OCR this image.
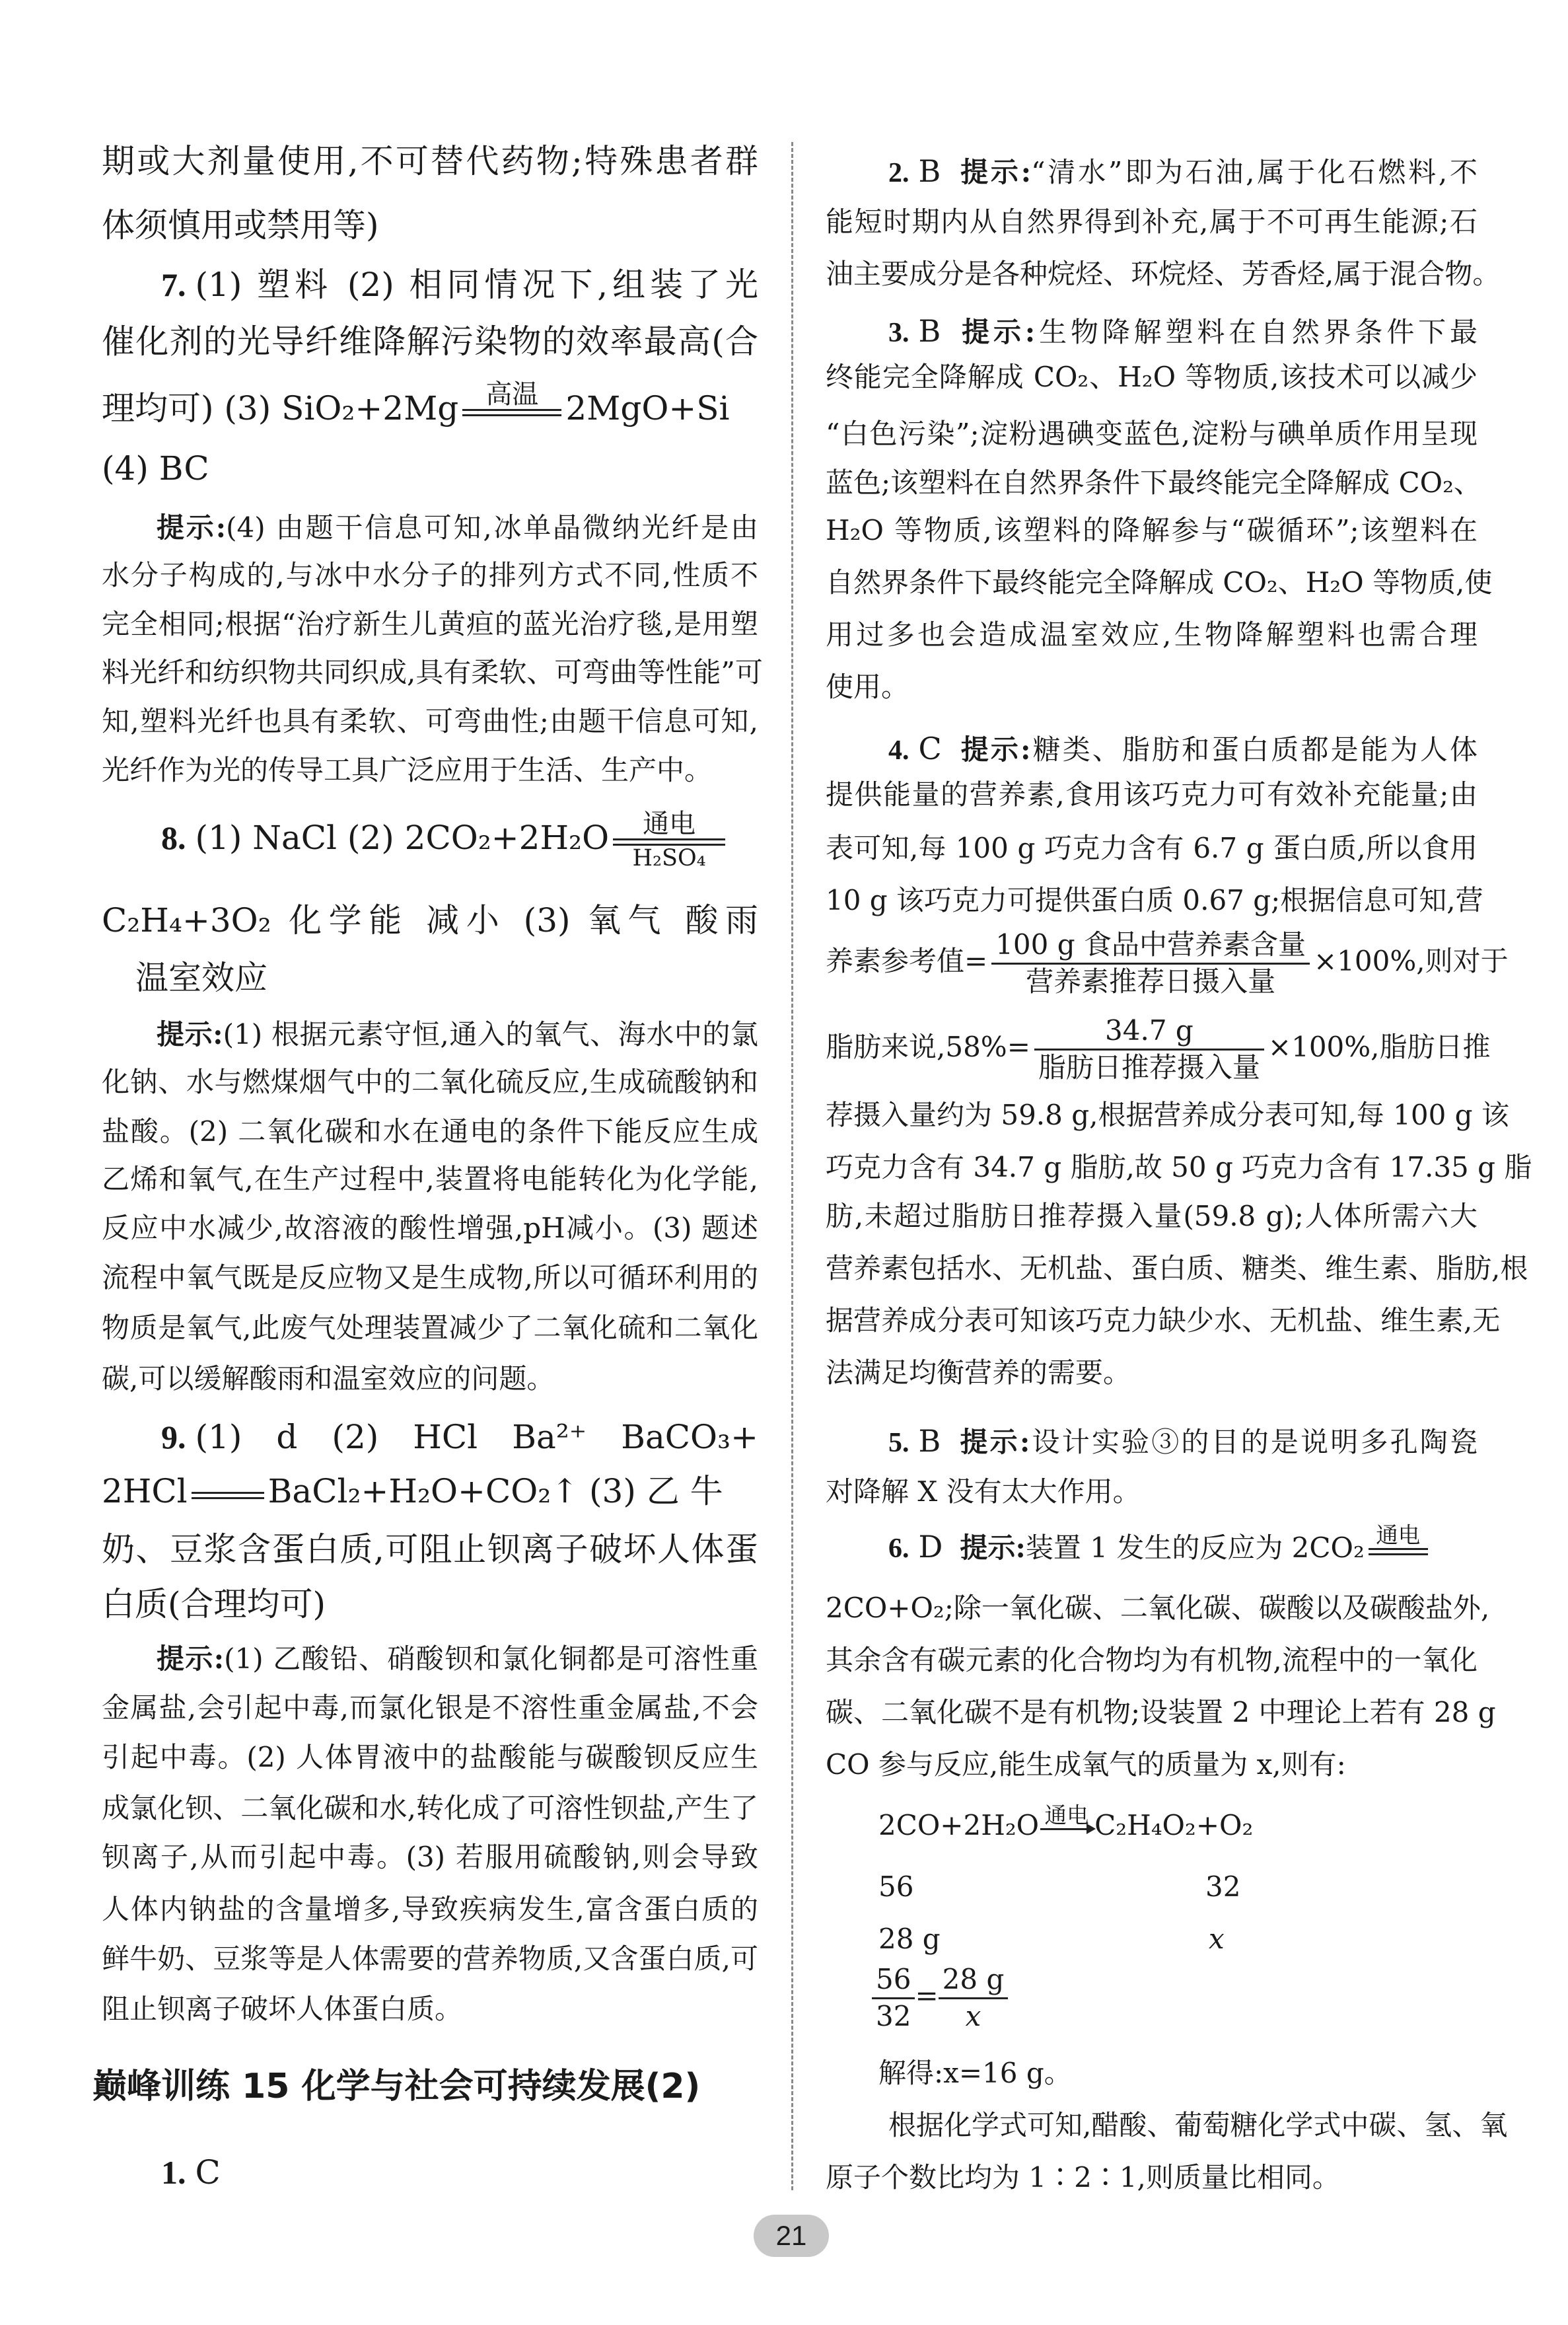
期或大剂量使用,不可替代药物;特殊患者群
体须慎用或禁用等)
7. (1) 塑料 (2) 相同情况下,组装了光
催化剂的光导纤维降解污染物的效率最高(合
理均可) (3) SiO₂+2Mg	高温
2MgO+Si
(4) BC
提示:(4) 由题干信息可知,冰单晶微纳光纤是由
水分子构成的,与冰中水分子的排列方式不同,性质不
完全相同;根据“治疗新生儿黄疸的蓝光治疗毯,是用塑
料光纤和纺织物共同织成,具有柔软、可弯曲等性能”可
知,塑料光纤也具有柔软、可弯曲性;由题干信息可知,
光纤作为光的传导工具广泛应用于生活、生产中。
8. (1) NaCl (2) 2CO₂+2H₂O	通电
H₂SO₄
C₂H₄+3O₂ 化学能 减小 (3) 氧气 酸雨
温室效应
提示:(1) 根据元素守恒,通入的氧气、海水中的氯
化钠、水与燃煤烟气中的二氧化硫反应,生成硫酸钠和
盐酸。(2) 二氧化碳和水在通电的条件下能反应生成
乙烯和氧气,在生产过程中,装置将电能转化为化学能,
反应中水减少,故溶液的酸性增强,pH减小。(3) 题述
流程中氧气既是反应物又是生成物,所以可循环利用的
物质是氧气,此废气处理装置减少了二氧化硫和二氧化
碳,可以缓解酸雨和温室效应的问题。
9. (1) d (2) HCl Ba²⁺ BaCO₃+
2HCl

BaCl₂+H₂O+CO₂↑ (3) 乙 牛
奶、豆浆含蛋白质,可阻止钡离子破坏人体蛋
白质(合理均可)
提示:(1) 乙酸铅、硝酸钡和氯化铜都是可溶性重
金属盐,会引起中毒,而氯化银是不溶性重金属盐,不会
引起中毒。(2) 人体胃液中的盐酸能与碳酸钡反应生
成氯化钡、二氧化碳和水,转化成了可溶性钡盐,产生了
钡离子,从而引起中毒。(3) 若服用硫酸钠,则会导致
人体内钠盐的含量增多,导致疾病发生,富含蛋白质的
鲜牛奶、豆浆等是人体需要的营养物质,又含蛋白质,可
阻止钡离子破坏人体蛋白质。
巅峰训练 15 化学与社会可持续发展(2)
1. C
2. B 提示:“清水”即为石油,属于化石燃料,不
能短时期内从自然界得到补充,属于不可再生能源;石
油主要成分是各种烷烃、环烷烃、芳香烃,属于混合物。
3. B 提示:生物降解塑料在自然界条件下最
终能完全降解成 CO₂、H₂O 等物质,该技术可以减少
“白色污染”;淀粉遇碘变蓝色,淀粉与碘单质作用呈现
蓝色;该塑料在自然界条件下最终能完全降解成 CO₂、
H₂O 等物质,该塑料的降解参与“碳循环”;该塑料在
自然界条件下最终能完全降解成 CO₂、H₂O 等物质,使
用过多也会造成温室效应,生物降解塑料也需合理
使用。
4. C 提示:糖类、脂肪和蛋白质都是能为人体
提供能量的营养素,食用该巧克力可有效补充能量;由
表可知,每 100 g 巧克力含有 6.7 g 蛋白质,所以食用
10 g 该巧克力可提供蛋白质 0.67 g;根据信息可知,营
养素参考值= $\frac{\text{100 g 食品中营养素含量}}{\text{营养素推荐日摄入量}} \times 100\%$,则对于
脂肪来说$,58\%= \frac{34.7 g}{\text{脂肪日推荐摄入量}} \times 100\%$,脂肪日推
荐摄入量约为 59.8 g,根据营养成分表可知,每 100 g 该
巧克力含有 34.7 g 脂肪,故 50 g 巧克力含有 17.35 g 脂
肪,未超过脂肪日推荐摄入量(59.8 g);人体所需六大
营养素包括水、无机盐、蛋白质、糖类、维生素、脂肪,根
据营养成分表可知该巧克力缺少水、无机盐、维生素,无
法满足均衡营养的需要。
5. B 提示:设计实验③的目的是说明多孔陶瓷
对降解 X 没有太大作用。
6. D 提示:装置 1 发生的反应为 2CO₂ 通电

2CO+O₂;除一氧化碳、二氧化碳、碳酸以及碳酸盐外,
其余含有碳元素的化合物均为有机物,流程中的一氧化
碳、二氧化碳不是有机物;设装置 2 中理论上若有 28 g
CO 参与反应,能生成氧气的质量为 x,则有:
2CO+2H₂O 通电
C₂H₄O₂+O₂
56	32
28 g	x
$\frac{56}{32} = \frac{28 g}{x}$
解得:x=16 g。
根据化学式可知,醋酸、葡萄糖化学式中碳、氢、氧
原子个数比均为 1∶2∶1,则质量比相同。
21
